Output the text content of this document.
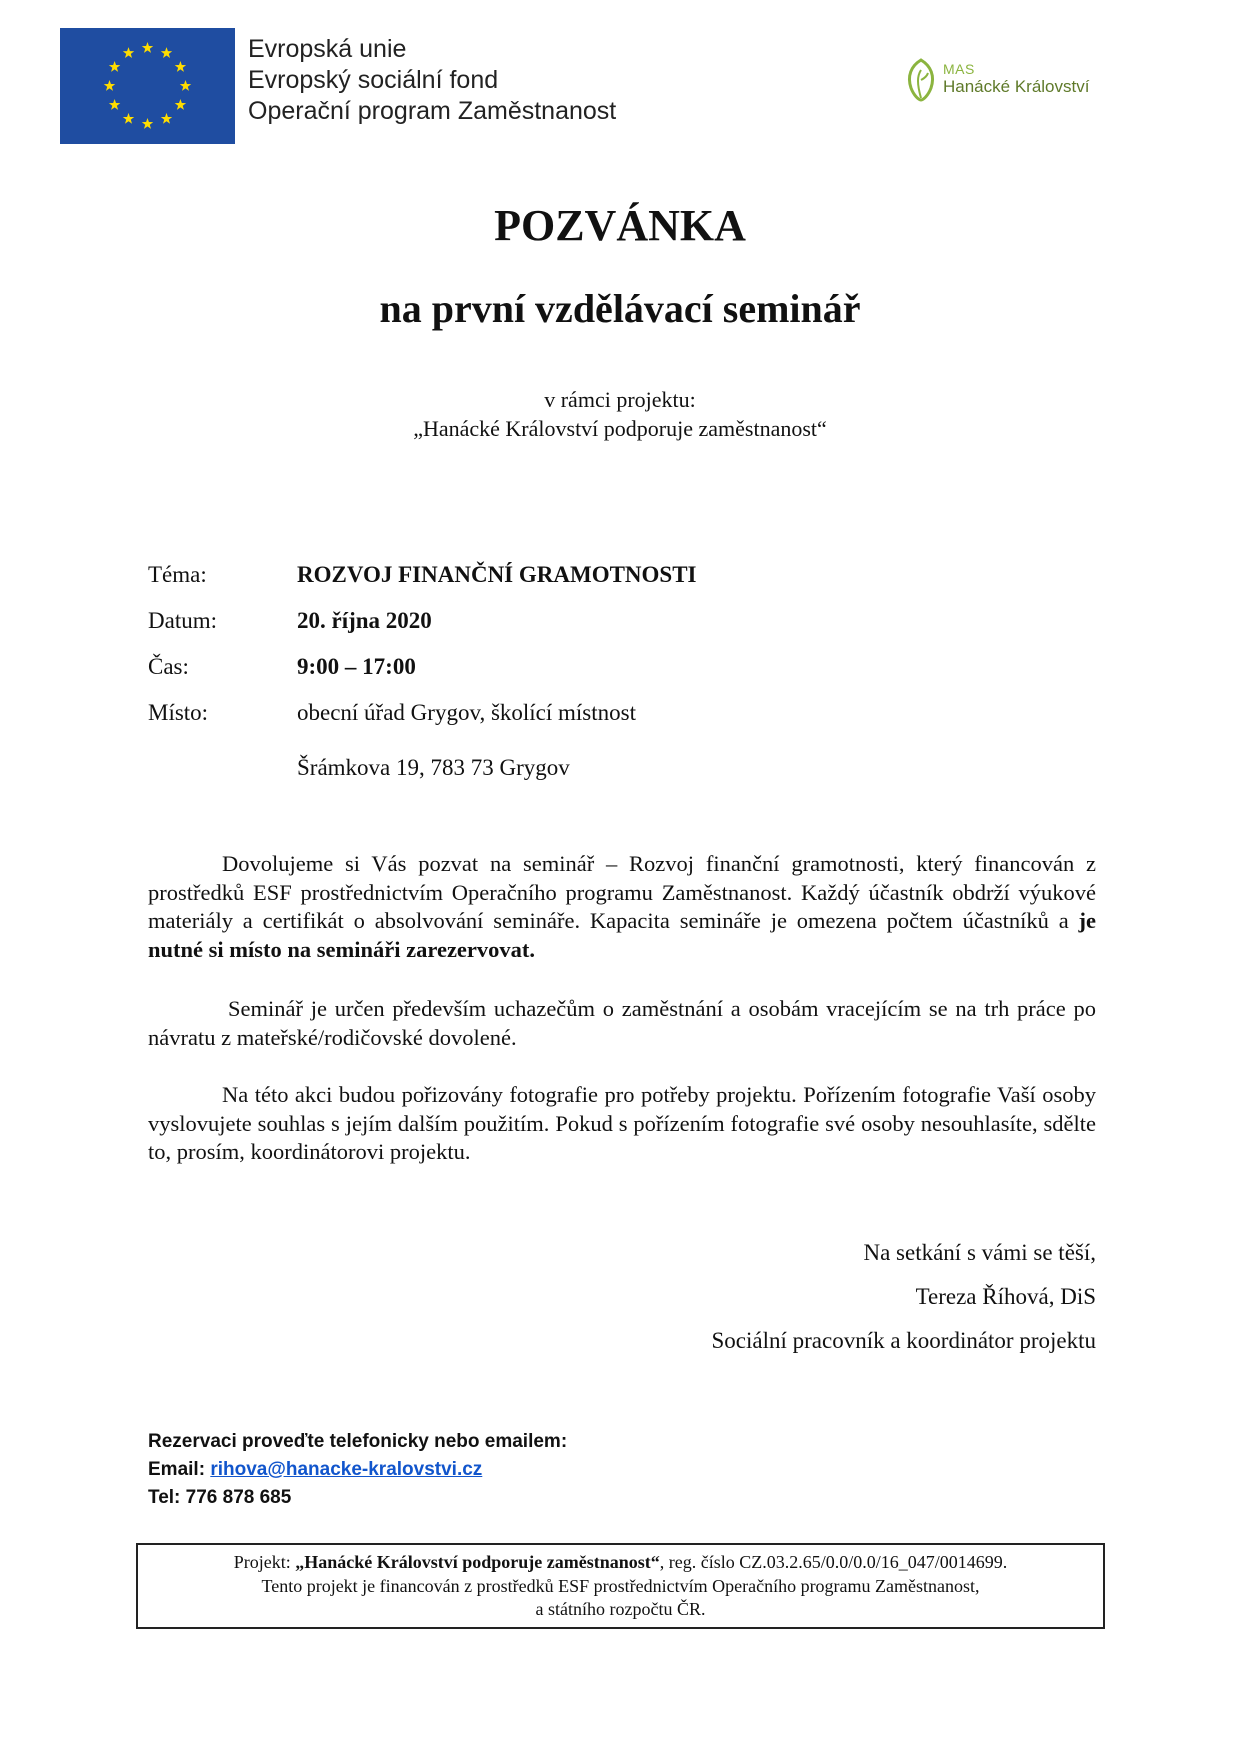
Evropská unie
Evropský sociální fond
Operační program Zaměstnanost
MAS
Hanácké Království
POZVÁNKA
na první vzdělávací seminář
v rámci projektu:
„Hanácké Království podporuje zaměstnanost“
Téma:	ROZVOJ FINANČNÍ GRAMOTNOSTI
Datum:	20. října 2020
Čas:	9:00 – 17:00
Místo:	obecní úřad Grygov, školící místnost
Šrámkova 19, 783 73 Grygov
Dovolujeme si Vás pozvat na seminář – Rozvoj finanční gramotnosti, který financován z prostředků ESF prostřednictvím Operačního programu Zaměstnanost. Každý účastník obdrží výukové materiály a certifikát o absolvování semináře. Kapacita semináře je omezena počtem účastníků a je nutné si místo na semináři zarezervovat.
Seminář je určen především uchazečům o zaměstnání a osobám vracejícím se na trh práce po návratu z mateřské/rodičovské dovolené.
Na této akci budou pořizovány fotografie pro potřeby projektu. Pořízením fotografie Vaší osoby vyslovujete souhlas s jejím dalším použitím. Pokud s pořízením fotografie své osoby nesouhlasíte, sdělte to, prosím, koordinátorovi projektu.
Na setkání s vámi se těší,
Tereza Říhová, DiS
Sociální pracovník a koordinátor projektu
Rezervaci proveďte telefonicky nebo emailem:
Email: rihova@hanacke-kralovstvi.cz
Tel: 776 878 685
Projekt: „Hanácké Království podporuje zaměstnanost“, reg. číslo CZ.03.2.65/0.0/0.0/16_047/0014699.
Tento projekt je financován z prostředků ESF prostřednictvím Operačního programu Zaměstnanost,
a státního rozpočtu ČR.
